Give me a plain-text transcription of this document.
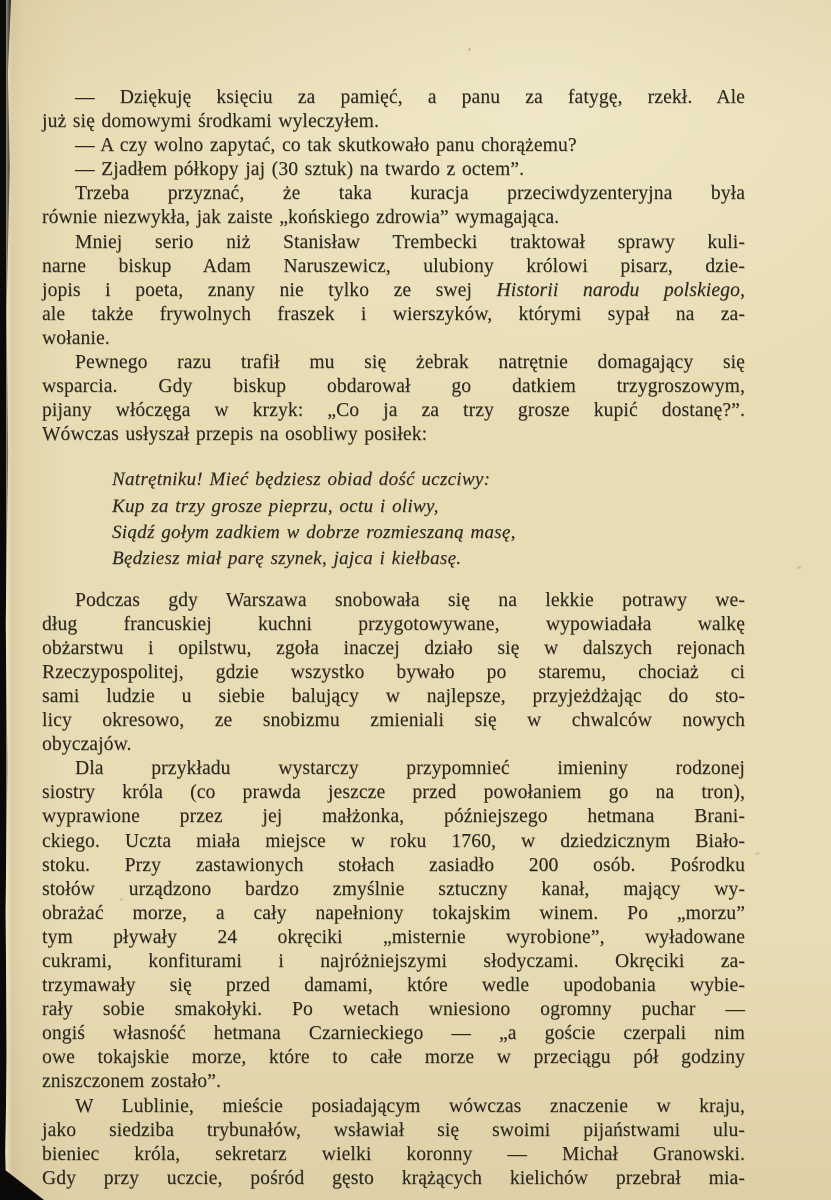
— Dziękuję księciu za pamięć, a panu za fatygę, rzekł. Ale
już się domowymi środkami wyleczyłem.
— A czy wolno zapytać, co tak skutkowało panu chorążemu?
— Zjadłem półkopy jaj (30 sztuk) na twardo z octem”.
Trzeba przyznać, że taka kuracja przeciwdyzenteryjna była
równie niezwykła, jak zaiste „końskiego zdrowia” wymagająca.
Mniej serio niż Stanisław Trembecki traktował sprawy kuli-
narne biskup Adam Naruszewicz, ulubiony królowi pisarz, dzie-
jopis i poeta, znany nie tylko ze swej Historii narodu polskiego,
ale także frywolnych fraszek i wierszyków, którymi sypał na za-
wołanie.
Pewnego razu trafił mu się żebrak natrętnie domagający się
wsparcia. Gdy biskup obdarował go datkiem trzygroszowym,
pijany włóczęga w krzyk: „Co ja za trzy grosze kupić dostanę?”.
Wówczas usłyszał przepis na osobliwy posiłek:
Natrętniku! Mieć będziesz obiad dość uczciwy:
Kup za trzy grosze pieprzu, octu i oliwy,
Siądź gołym zadkiem w dobrze rozmieszaną masę,
Będziesz miał parę szynek, jajca i kiełbasę.
Podczas gdy Warszawa snobowała się na lekkie potrawy we-
dług francuskiej kuchni przygotowywane, wypowiadała walkę
obżarstwu i opilstwu, zgoła inaczej działo się w dalszych rejonach
Rzeczypospolitej, gdzie wszystko bywało po staremu, chociaż ci
sami ludzie u siebie balujący w najlepsze, przyjeżdżając do sto-
licy okresowo, ze snobizmu zmieniali się w chwalców nowych
obyczajów.
Dla przykładu wystarczy przypomnieć imieniny rodzonej
siostry króla (co prawda jeszcze przed powołaniem go na tron),
wyprawione przez jej małżonka, późniejszego hetmana Brani-
ckiego. Uczta miała miejsce w roku 1760, w dziedzicznym Biało-
stoku. Przy zastawionych stołach zasiadło 200 osób. Pośrodku
stołów urządzono bardzo zmyślnie sztuczny kanał, mający wy-
obrażać morze, a cały napełniony tokajskim winem. Po „morzu”
tym pływały 24 okręciki „misternie wyrobione”, wyładowane
cukrami, konfiturami i najróżniejszymi słodyczami. Okręciki za-
trzymawały się przed damami, które wedle upodobania wybie-
rały sobie smakołyki. Po wetach wniesiono ogromny puchar —
ongiś własność hetmana Czarnieckiego — „a goście czerpali nim
owe tokajskie morze, które to całe morze w przeciągu pół godziny
zniszczonem zostało”.
W Lublinie, mieście posiadającym wówczas znaczenie w kraju,
jako siedziba trybunałów, wsławiał się swoimi pijaństwami ulu-
bieniec króla, sekretarz wielki koronny — Michał Granowski.
Gdy przy uczcie, pośród gęsto krążących kielichów przebrał mia-
